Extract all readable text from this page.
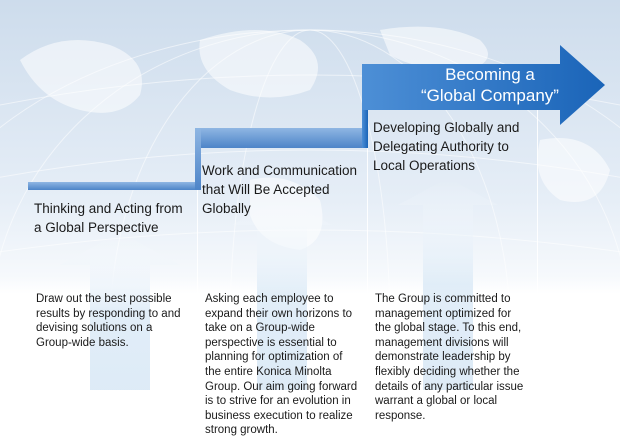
Becoming a
“Global Company”
Thinking and Acting from
a Global Perspective
Draw out the best possible
results by responding to and
devising solutions on a
Group-wide basis.
Work and Communication
that Will Be Accepted
Globally
Asking each employee to
expand their own horizons to
take on a Group-wide
perspective is essential to
planning for optimization of
the entire Konica Minolta
Group. Our aim going forward
is to strive for an evolution in
business execution to realize
strong growth.
Developing Globally and
Delegating Authority to
Local Operations
The Group is committed to
management optimized for
the global stage. To this end,
management divisions will
demonstrate leadership by
flexibly deciding whether the
details of any particular issue
warrant a global or local
response.
